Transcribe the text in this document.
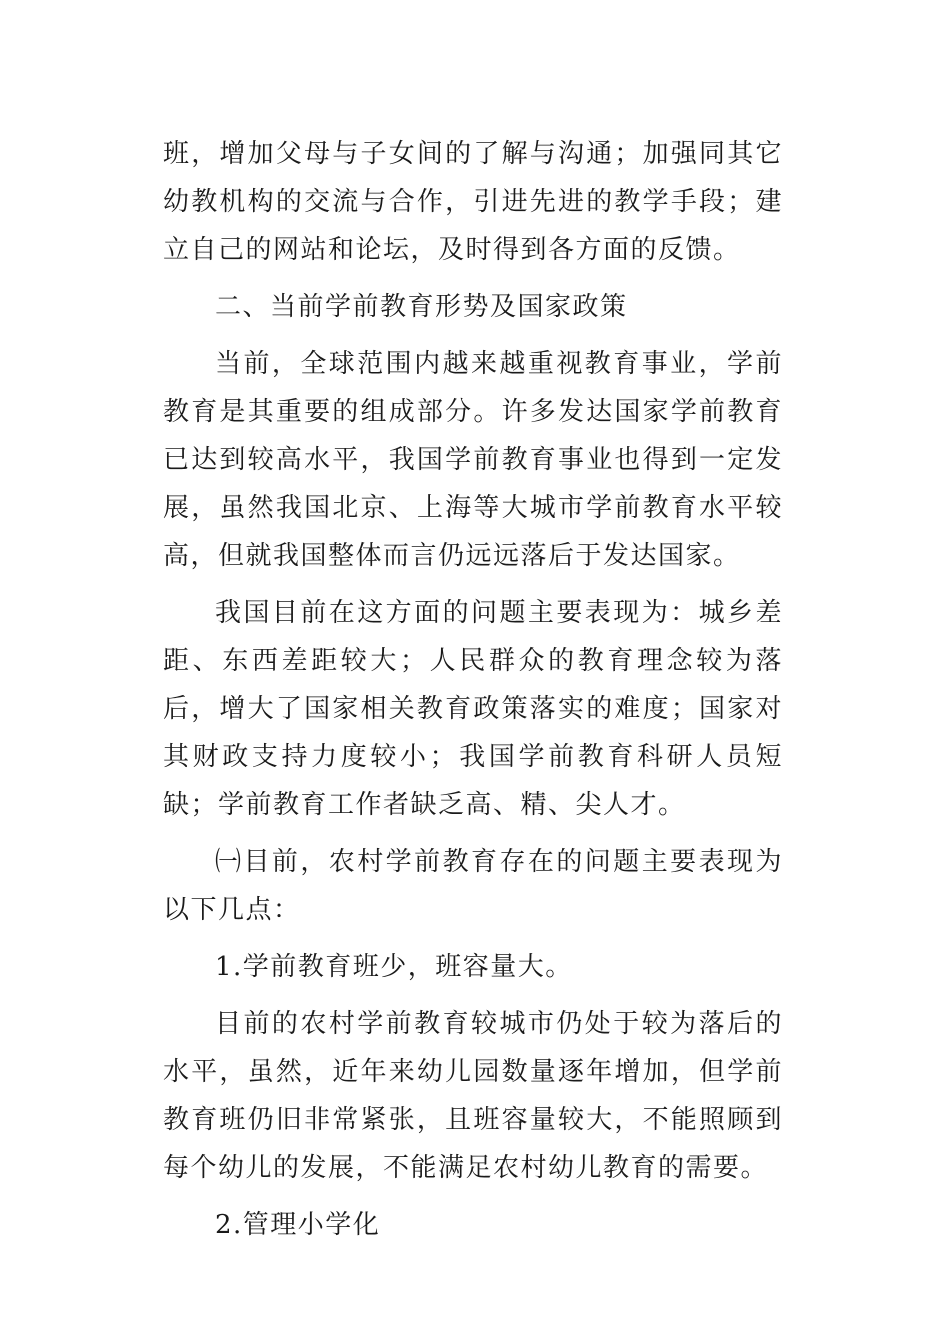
班，增加父母与子女间的了解与沟通；加强同其它幼教机构的交流与合作，引进先进的教学手段；建立自己的网站和论坛，及时得到各方面的反馈。

二、当前学前教育形势及国家政策

当前，全球范围内越来越重视教育事业，学前教育是其重要的组成部分。许多发达国家学前教育已达到较高水平，我国学前教育事业也得到一定发展，虽然我国北京、上海等大城市学前教育水平较高，但就我国整体而言仍远远落后于发达国家。

我国目前在这方面的问题主要表现为：城乡差距、东西差距较大；人民群众的教育理念较为落后，增大了国家相关教育政策落实的难度；国家对其财政支持力度较小；我国学前教育科研人员短缺；学前教育工作者缺乏高、精、尖人才。

㈠目前，农村学前教育存在的问题主要表现为以下几点：

1.学前教育班少，班容量大。

目前的农村学前教育较城市仍处于较为落后的水平，虽然，近年来幼儿园数量逐年增加，但学前教育班仍旧非常紧张，且班容量较大，不能照顾到每个幼儿的发展，不能满足农村幼儿教育的需要。

2.管理小学化
